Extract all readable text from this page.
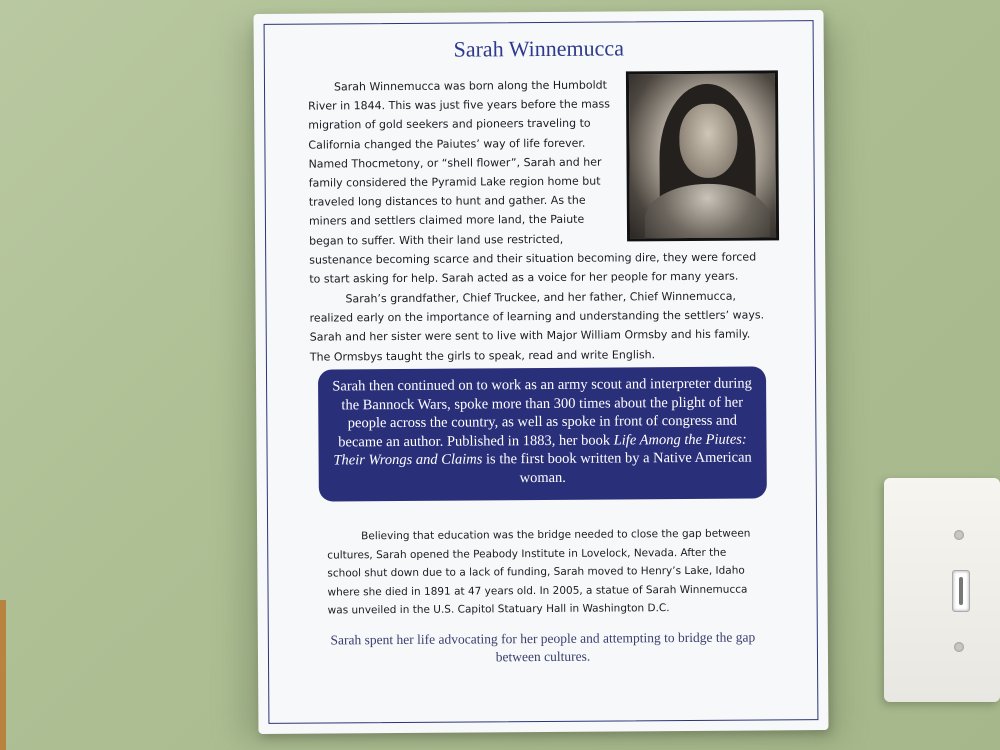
Sarah Winnemucca

Sarah Winnemucca was born along the Humboldt River in 1844. This was just five years before the mass migration of gold seekers and pioneers traveling to California changed the Paiutes’ way of life forever. Named Thocmetony, or “shell flower”, Sarah and her family considered the Pyramid Lake region home but traveled long distances to hunt and gather. As the miners and settlers claimed more land, the Paiute began to suffer. With their land use restricted,

sustenance becoming scarce and their situation becoming dire, they were forced to start asking for help. Sarah acted as a voice for her people for many years.

Sarah’s grandfather, Chief Truckee, and her father, Chief Winnemucca, realized early on the importance of learning and understanding the settlers’ ways. Sarah and her sister were sent to live with Major William Ormsby and his family. The Ormsbys taught the girls to speak, read and write English.

Sarah then continued on to work as an army scout and interpreter during the Bannock Wars, spoke more than 300 times about the plight of her people across the country, as well as spoke in front of congress and became an author. Published in 1883, her book Life Among the Piutes: Their Wrongs and Claims is the first book written by a Native American woman.

Believing that education was the bridge needed to close the gap between cultures, Sarah opened the Peabody Institute in Lovelock, Nevada. After the school shut down due to a lack of funding, Sarah moved to Henry’s Lake, Idaho where she died in 1891 at 47 years old. In 2005, a statue of Sarah Winnemucca was unveiled in the U.S. Capitol Statuary Hall in Washington D.C.

Sarah spent her life advocating for her people and attempting to bridge the gap between cultures.
